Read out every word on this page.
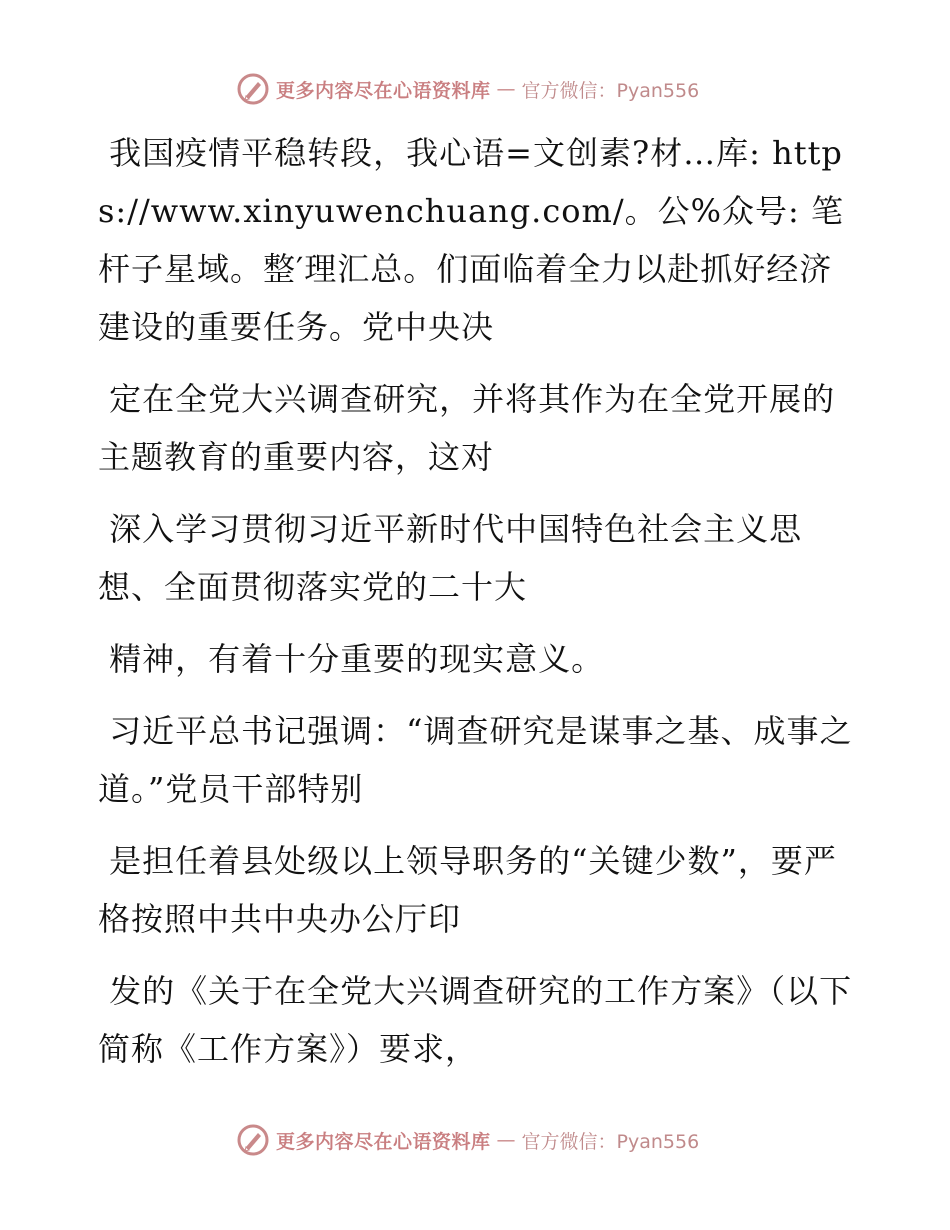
更多内容尽在心语资料库 — 官方微信：Pyan556

我国疫情平稳转段，我心语=文创素?材…库: https://www.xinyuwenchuang.com/。公%众号: 笔杆子星域。整′理汇总。们面临着全力以赴抓好经济建设的重要任务。党中央决

定在全党大兴调查研究，并将其作为在全党开展的主题教育的重要内容，这对

深入学习贯彻习近平新时代中国特色社会主义思想、全面贯彻落实党的二十大

精神，有着十分重要的现实意义。

习近平总书记强调：“调查研究是谋事之基、成事之道。”党员干部特别

是担任着县处级以上领导职务的“关键少数”，要严格按照中共中央办公厅印

发的《关于在全党大兴调查研究的工作方案》（以下简称《工作方案》）要求，

更多内容尽在心语资料库 — 官方微信：Pyan556
